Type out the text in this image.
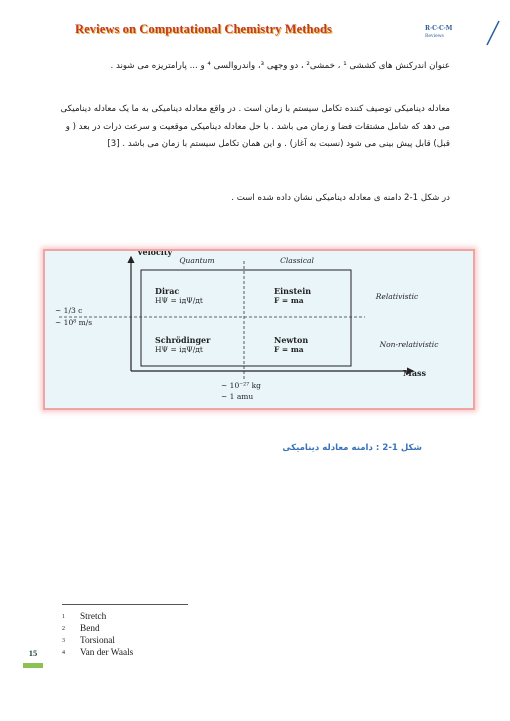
Reviews on Computational Chemistry Methods	R·C·C·M
Reviews
عنوان اندرکنش های کششی ¹ ، خمشی² ، دو وجهی ³، واندروالسی ⁴ و ... پارامتریزه می شوند .
معادله دینامیکی توصیف کننده تکامل سیستم با زمان است . در واقع معادله دینامیکی به ما یک معادله دینامیکی می دهد که شامل مشتقات فضا و زمان می باشد . با حل معادله دینامیکی موقعیت و سرعت ذرات در بعد ( و قبل) قابل پیش بینی می شود (نسبت به آغاز) . و این همان تکامل سیستم با زمان می باشد . [3]
در شکل 1-2 دامنه ی معادله دینامیکی نشان داده شده است .
Velocity
Mass
Quantum	Classical
Relativistic
Non-relativistic
Dirac
HΨ = iдΨ/дt
Einstein
F = ma
Schrödinger
HΨ = iдΨ/дt
Newton
F = ma
~ 1/3 c
~ 10⁸ m/s
~ 10⁻²⁷ kg
~ 1 amu
شکل 1-2 : دامنه معادله دینامیکی
$^1$ Stretch
$^2$ Bend
$^3$ Torsional
$^4$ Van der Waals
15
